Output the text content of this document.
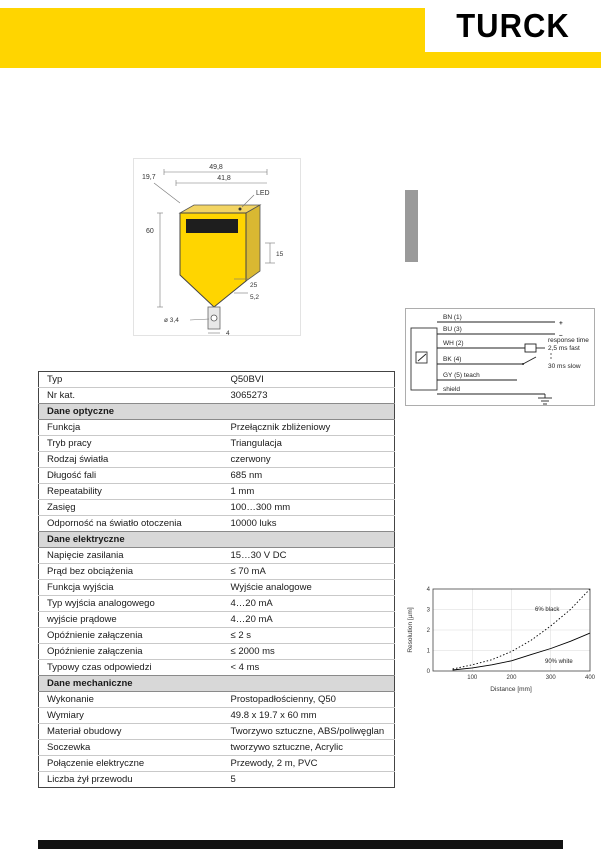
TURCK
49,8
41,8
19,7
60
LED
15
25
5,2
ø 3,4
4
BN (1)
+
BU (3)
–
WH (2)	response time
2,5 ms fast
30 ms slow
BK (4)
GY (5) teach
shield
100	200	300	400
0
1
2
3
4
6% black
90% white
Distance [mm]
Resolution [µm]
Typ	Q50BVI
Nr kat.	3065273
Dane optyczne	
Funkcja	Przełącznik zbliżeniowy
Tryb pracy	Triangulacja
Rodzaj światła	czerwony
Długość fali	685 nm
Repeatability	1 mm
Zasięg	100…300 mm
Odporność na światło otoczenia	10000 luks
Dane elektryczne	
Napięcie zasilania	15…30 V DC
Prąd bez obciążenia	≤ 70 mA
Funkcja wyjścia	Wyjście analogowe
Typ wyjścia analogowego	4…20 mA
wyjście prądowe	4…20 mA
Opóźnienie załączenia	≤ 2 s
Opóźnienie załączenia	≤ 2000 ms
Typowy czas odpowiedzi	< 4 ms
Dane mechaniczne	
Wykonanie	Prostopadłościenny, Q50
Wymiary	49.8 x 19.7 x 60 mm
Materiał obudowy	Tworzywo sztuczne, ABS/poliwęglan
Soczewka	tworzywo sztuczne, Acrylic
Połączenie elektryczne	Przewody, 2 m, PVC
Liczba żył przewodu	5
